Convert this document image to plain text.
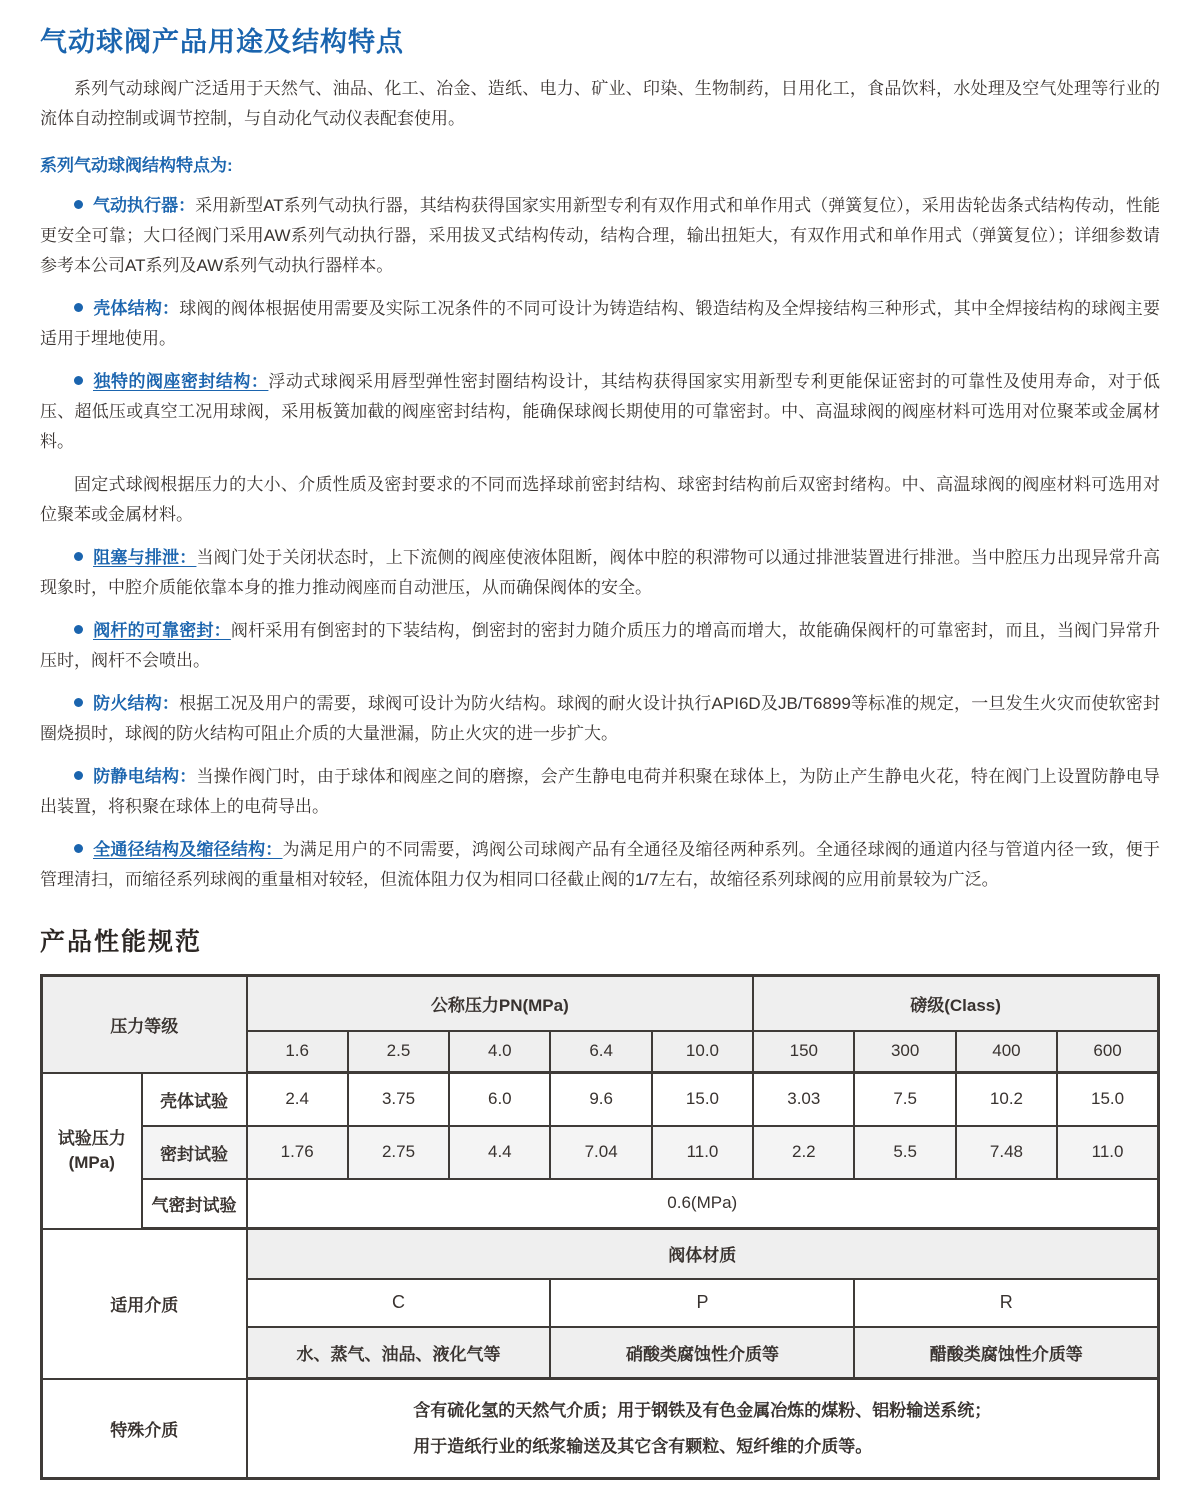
气动球阀产品用途及结构特点

系列气动球阀广泛适用于天然气、油品、化工、冶金、造纸、电力、矿业、印染、生物制药，日用化工，食品饮料，水处理及空气处理等行业的流体自动控制或调节控制，与自动化气动仪表配套使用。

系列气动球阀结构特点为:

气动执行器：采用新型AT系列气动执行器，其结构获得国家实用新型专利有双作用式和单作用式（弹簧复位），采用齿轮齿条式结构传动，性能更安全可靠；大口径阀门采用AW系列气动执行器，采用拔叉式结构传动，结构合理，输出扭矩大，有双作用式和单作用式（弹簧复位）；详细参数请参考本公司AT系列及AW系列气动执行器样本。

壳体结构：球阀的阀体根据使用需要及实际工况条件的不同可设计为铸造结构、锻造结构及全焊接结构三种形式，其中全焊接结构的球阀主要适用于埋地使用。

独特的阀座密封结构：浮动式球阀采用唇型弹性密封圈结构设计，其结构获得国家实用新型专利更能保证密封的可靠性及使用寿命，对于低压、超低压或真空工况用球阀，采用板簧加截的阀座密封结构，能确保球阀长期使用的可靠密封。中、高温球阀的阀座材料可选用对位聚苯或金属材料。

固定式球阀根据压力的大小、介质性质及密封要求的不同而选择球前密封结构、球密封结构前后双密封绪构。中、高温球阀的阀座材料可选用对位聚苯或金属材料。

阻塞与排泄：当阀门处于关闭状态时，上下流侧的阀座使液体阻断，阀体中腔的积滞物可以通过排泄装置进行排泄。当中腔压力出现异常升高现象时，中腔介质能依靠本身的推力推动阀座而自动泄压，从而确保阀体的安全。

阀杆的可靠密封：阀杆采用有倒密封的下装结构，倒密封的密封力随介质压力的增高而增大，故能确保阀杆的可靠密封，而且，当阀门异常升压时，阀杆不会喷出。

防火结构：根据工况及用户的需要，球阀可设计为防火结构。球阀的耐火设计执行API6D及JB/T6899等标准的规定，一旦发生火灾而使软密封圈烧损时，球阀的防火结构可阻止介质的大量泄漏，防止火灾的进一步扩大。

防静电结构：当操作阀门时，由于球体和阀座之间的磨擦，会产生静电电荷并积聚在球体上，为防止产生静电火花，特在阀门上设置防静电导出装置，将积聚在球体上的电荷导出。

全通径结构及缩径结构：为满足用户的不同需要，鸿阀公司球阀产品有全通径及缩径两种系列。全通径球阀的通道内径与管道内径一致，便于管理清扫，而缩径系列球阀的重量相对较轻，但流体阻力仅为相同口径截止阀的1/7左右，故缩径系列球阀的应用前景较为广泛。

产品性能规范
压力等级		公称压力PN(MPa)					磅级(Class)			
		1.6	2.5	4.0	6.4	10.0	150	300	400	600

试验压力
(MPa)	壳体试验	2.4	3.75	6.0	9.6	15.0	3.03	7.5	10.2	15.0
	密封试验	1.76	2.75	4.4	7.04	11.0	2.2	5.5	7.48	11.0
	气密封试验	0.6(MPa)								
适用介质		阀体材质								
		C			P			R		
		水、蒸气、油品、液化气等			硝酸类腐蚀性介质等			醋酸类腐蚀性介质等		
特殊介质		含有硫化氢的天然气介质；用于钢铁及有色金属冶炼的煤粉、铝粉输送系统；
用于造纸行业的纸浆输送及其它含有颗粒、短纤维的介质等。								
